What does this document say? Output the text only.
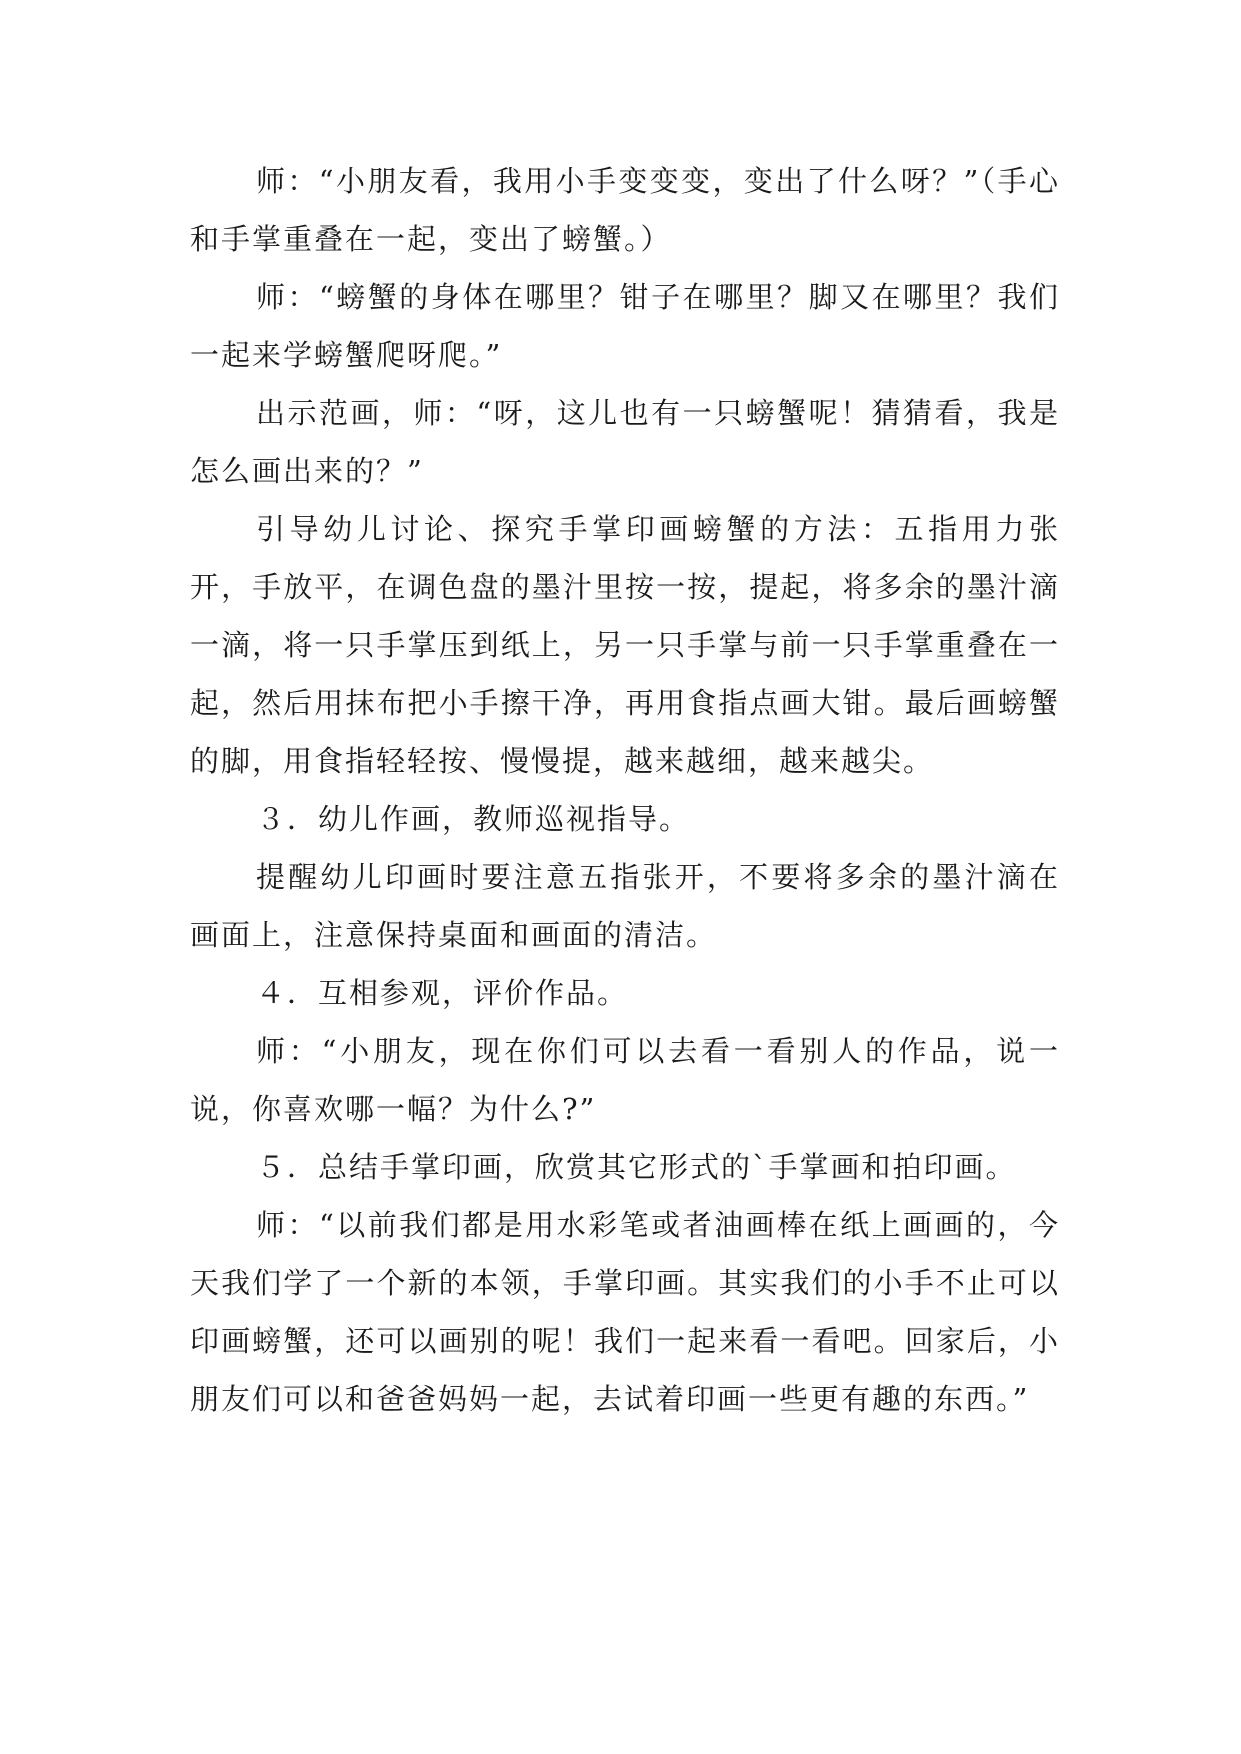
师：“小朋友看，我用小手变变变，变出了什么呀？”（手心和手掌重叠在一起，变出了螃蟹。）

师：“螃蟹的身体在哪里？钳子在哪里？脚又在哪里？我们一起来学螃蟹爬呀爬。”

出示范画，师：“呀，这儿也有一只螃蟹呢！猜猜看，我是怎么画出来的？”

引导幼儿讨论、探究手掌印画螃蟹的方法：五指用力张开，手放平，在调色盘的墨汁里按一按，提起，将多余的墨汁滴一滴，将一只手掌压到纸上，另一只手掌与前一只手掌重叠在一起，然后用抹布把小手擦干净，再用食指点画大钳。最后画螃蟹的脚，用食指轻轻按、慢慢提，越来越细，越来越尖。

３．幼儿作画，教师巡视指导。

提醒幼儿印画时要注意五指张开，不要将多余的墨汁滴在画面上，注意保持桌面和画面的清洁。

４．互相参观，评价作品。

师：“小朋友，现在你们可以去看一看别人的作品，说一说，你喜欢哪一幅？为什么?”

５．总结手掌印画，欣赏其它形式的`手掌画和拍印画。

师：“以前我们都是用水彩笔或者油画棒在纸上画画的，今天我们学了一个新的本领，手掌印画。其实我们的小手不止可以印画螃蟹，还可以画别的呢！我们一起来看一看吧。回家后，小朋友们可以和爸爸妈妈一起，去试着印画一些更有趣的东西。”
